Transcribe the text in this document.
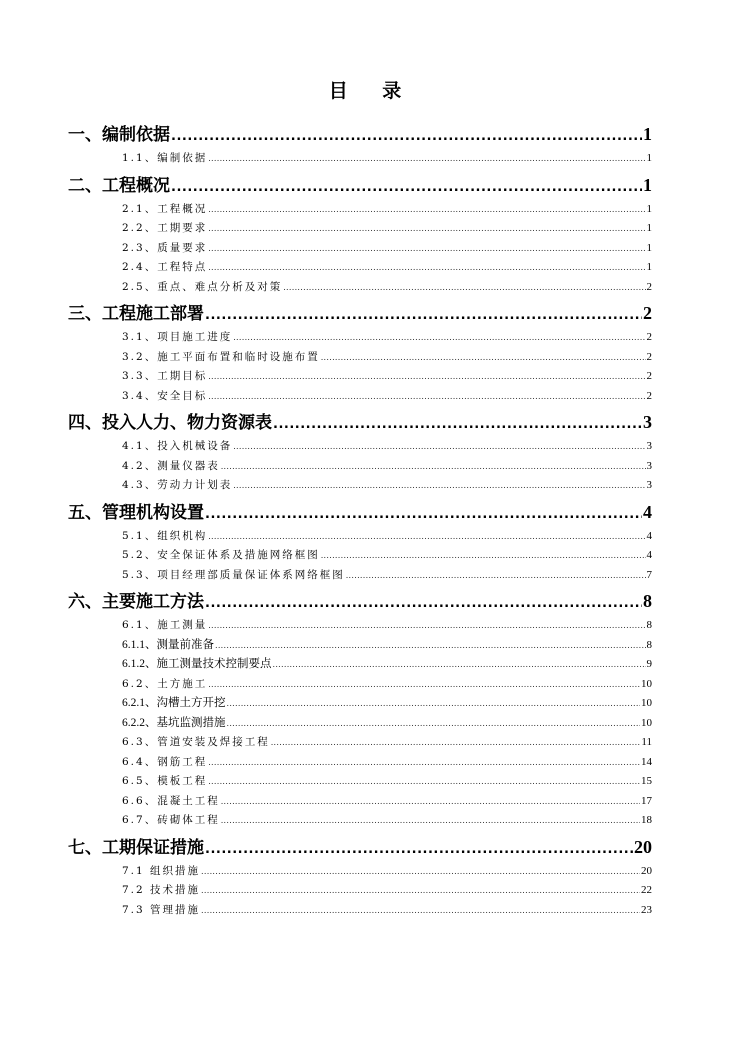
目 录
一、编制依据 .....	1
1.1、编制依据 .....	1
二、工程概况 .....	1
2.1、工程概况 .....	1
2.2、工期要求 .....	1
2.3、质量要求 .....	1
2.4、工程特点 .....	1
2.5、重点、难点分析及对策 .....	2
三、工程施工部署 .....	2
3.1、项目施工进度 .....	2
3.2、施工平面布置和临时设施布置 .....	2
3.3、工期目标 .....	2
3.4、安全目标 .....	2
四、投入人力、物力资源表 .....	3
4.1、投入机械设备 .....	3
4.2、测量仪器表 .....	3
4.3、劳动力计划表 .....	3
五、管理机构设置 .....	4
5.1、组织机构 .....	4
5.2、安全保证体系及措施网络框图 .....	4
5.3、项目经理部质量保证体系网络框图 .....	7
六、主要施工方法 .....	8
6.1、施工测量 .....	8
6.1.1、测量前准备 .....	8
6.1.2、施工测量技术控制要点 .....	9
6.2、土方施工 .....	10
6.2.1、沟槽土方开挖 .....	10
6.2.2、基坑监测措施 .....	10
6.3、管道安装及焊接工程 .....	11
6.4、钢筋工程 .....	14
6.5、模板工程 .....	15
6.6、混凝土工程 .....	17
6.7、砖砌体工程 .....	18
七、工期保证措施 .....	20
7.1 组织措施 .....	20
7.2 技术措施 .....	22
7.3 管理措施 .....	23
